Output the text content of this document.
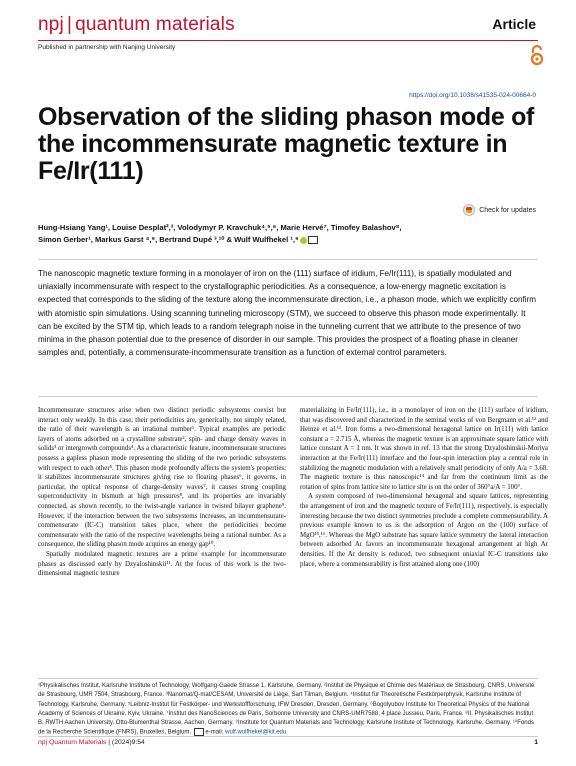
npj | quantum materials	Article
Published in partnership with Nanjing University
https://doi.org/10.1038/s41535-024-00664-0
Observation of the sliding phason mode of the incommensurate magnetic texture in Fe/Ir(111)
Check for updates
Hung-Hsiang Yang¹, Louise Desplat²,³, Volodymyr P. Kravchuk⁴,⁵,⁶, Marie Hervé⁷, Timofey Balashov⁸,
Simon Gerber¹, Markus Garst ⁴,⁹, Bertrand Dupé ³,¹⁰ & Wulf Wulfhekel ¹,⁹

The nanoscopic magnetic texture forming in a monolayer of iron on the (111) surface of iridium, Fe/Ir(111), is spatially modulated and uniaxially incommensurate with respect to the crystallographic periodicities. As a consequence, a low-energy magnetic excitation is expected that corresponds to the sliding of the texture along the incommensurate direction, i.e., a phason mode, which we explicitly confirm with atomistic spin simulations. Using scanning tunneling microscopy (STM), we succeed to observe this phason mode experimentally. It can be excited by the STM tip, which leads to a random telegraph noise in the tunneling current that we attribute to the presence of two minima in the phason potential due to the presence of disorder in our sample. This provides the prospect of a floating phase in cleaner samples and, potentially, a commensurate-incommensurate transition as a function of external control parameters.

Incommensurate structures arise when two distinct periodic subsystems coexist but interact only weakly. In this case, their periodicities are, generically, not simply related, the ratio of their wavelength is an irrational number¹. Typical examples are periodic layers of atoms adsorbed on a crystalline substrate², spin- and charge density waves in solids³ or intergrowth compounds⁴. As a characteristic feature, incommensurate structures possess a gapless phason mode representing the sliding of the two periodic subsystems with respect to each other⁵. This phason mode profoundly affects the system's properties: it stabilizes incommensurate structures giving rise to floating phases⁶, it governs, in particular, the optical response of charge-density waves⁷, it causes strong coupling superconductivity in bismuth at high pressures⁸, and its properties are invariably connected, as shown recently, to the twist-angle variance in twisted bilayer graphene⁹. However, if the interaction between the two subsystems increases, an incommensurate-commensurate (IC-C) transition takes place, where the periodicities become commensurate with the ratio of the respective wavelengths being a rational number. As a consequence, the sliding phason mode acquires an energy gap¹⁰.

Spatially modulated magnetic textures are a prime example for incommensurate phases as discussed early by Dzyaloshinskii¹¹. At the focus of this work is the two-dimensional magnetic texture

materializing in Fe/Ir(111), i.e., in a monolayer of iron on the (111) surface of iridium, that was discovered and characterized in the seminal works of von Bergmann et al.¹² and Heinze et al.¹³. Iron forms a two-dimensional hexagonal lattice on Ir(111) with lattice constant a = 2.715 Å, whereas the magnetic texture is an approximate square lattice with lattice constant A = 1 nm. It was shown in ref. 13 that the strong Dzyaloshinskii-Moriya interaction at the Fe/Ir(111) interface and the four-spin interaction play a central role in stabilizing the magnetic modulation with a relatively small periodicity of only A/a = 3.68. The magnetic texture is thus nanoscopic¹⁴ and far from the continuum limit as the rotation of spins from lattice site to lattice site is on the order of 360°a/A = 100°.

A system composed of two-dimensional hexagonal and square lattices, representing the arrangement of iron and the magnetic texture of Fe/Ir(111), respectively, is especially interesting because the two distinct symmetries preclude a complete commensurability. A previous example known to us is the adsorption of Argon on the (100) surface of MgO¹⁵,¹⁶. Whereas the MgO substrate has square lattice symmetry the lateral interaction between adsorbed Ar favors an incommensurate hexagonal arrangement at high Ar densities. If the Ar density is reduced, two subsequent uniaxial IC-C transitions take place, where a commensurability is first attained along one (100)

¹Physikalisches Institut, Karlsruhe Institute of Technology, Wolfgang-Gaede Strasse 1, Karlsruhe, Germany. ²Institut de Physique et Chimie des Matériaux de Strasbourg, CNRS, Université de Strasbourg, UMR 7504, Strasbourg, France. ³Nanomat/Q-mat/CESAM, Université de Liège, Sart Tilman, Belgium. ⁴Institut für Theoretische Festkörperphysik, Karlsruhe Institute of Technology, Karlsruhe, Germany. ⁵Leibniz-Institut für Festkörper- und Werkstoffforschung, IFW Dresden, Dresden, Germany. ⁶Bogolyubov Institute for Theoretical Physics of the National Academy of Sciences of Ukraine, Kyiv, Ukraine. ⁷Institut des NanoSciences de Paris, Sorbonne University and CNRS-UMR7588, 4 place Jussieu, Paris, France. ⁸II. Physikalisches Institut B, RWTH Aachen University, Otto-Blumenthal Strasse, Aachen, Germany. ⁹Institute for Quantum Materials and Technology, Karlsruhe Institute of Technology, Karlsruhe, Germany. ¹⁰Fonds de la Recherche Scientifique (FNRS), Bruxelles, Belgium. e-mail: wulf.wulfhekel@kit.edu
npj Quantum Materials | (2024)9:54	1
